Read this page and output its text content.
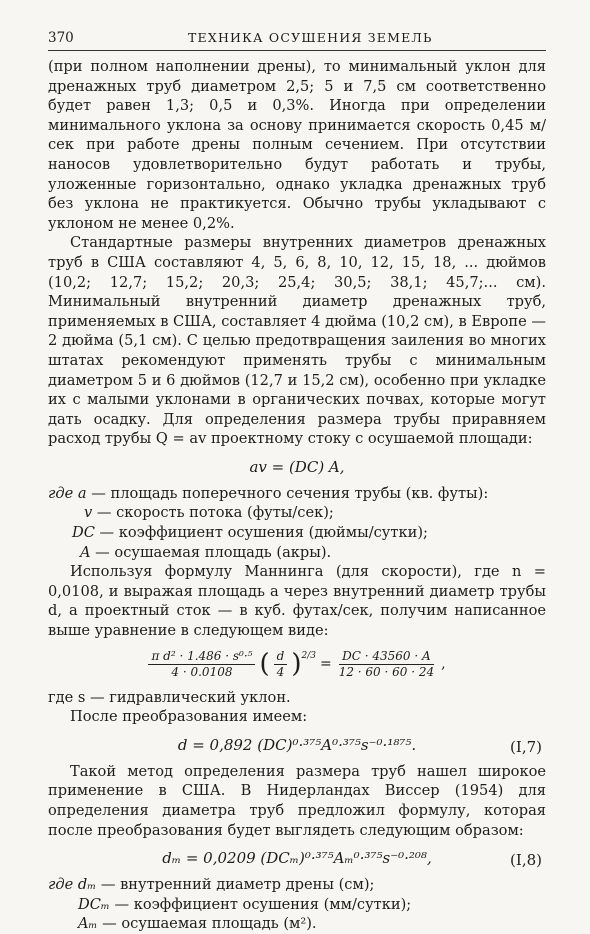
370	ТЕХНИКА ОСУШЕНИЯ ЗЕМЕЛЬ

(при полном наполнении дрены), то минимальный уклон для дренажных труб диаметром 2,5; 5 и 7,5 см соответственно будет равен 1,3; 0,5 и 0,3%. Иногда при определении минимального уклона за основу принимается скорость 0,45 м/сек при работе дрены полным сечением. При отсутствии наносов удовлетворительно будут работать и трубы, уложенные горизонтально, однако укладка дренажных труб без уклона не практикуется. Обычно трубы укладывают с уклоном не менее 0,2%.

Стандартные размеры внутренних диаметров дренажных труб в США составляют 4, 5, 6, 8, 10, 12, 15, 18, ... дюймов (10,2; 12,7; 15,2; 20,3; 25,4; 30,5; 38,1; 45,7;... см). Минимальный внутренний диаметр дренажных труб, применяемых в США, составляет 4 дюйма (10,2 см), в Европе — 2 дюйма (5,1 см). С целью предотвращения заиления во многих штатах рекомендуют применять трубы с минимальным диаметром 5 и 6 дюймов (12,7 и 15,2 см), особенно при укладке их с малыми уклонами в органических почвах, которые могут дать осадку. Для определения размера трубы приравняем расход трубы Q = av проектному стоку с осушаемой площади:

av = (DC) A,
где a — площадь поперечного сечения трубы (кв. футы):
v — скорость потока (футы/сек);
DC — коэффициент осушения (дюймы/сутки);
A — осушаемая площадь (акры).

Используя формулу Маннинга (для скорости), где n = 0,0108, и выражая площадь a через внутренний диаметр трубы d, а проектный сток — в куб. футах/сек, получим написанное выше уравнение в следующем виде:

$\frac{\text{π d² · 1.486 · s⁰·⁵}}{4 \cdot 0.0108}$ ( $\frac{d}{4} )^{2/3} = \frac{DC \cdot 43560 \cdot A}{12 \cdot 60 \cdot 60 \cdot 24}$ ,

где s — гидравлический уклон.

После преобразования имеем:

d = 0,892 (DC)⁰·³⁷⁵A⁰·³⁷⁵s⁻⁰·¹⁸⁷⁵.	(I,7)

Такой метод определения размера труб нашел широкое применение в США. В Нидерландах Виссер (1954) для определения диаметра труб предложил формулу, которая после преобразования будет выглядеть следующим образом:

dₘ = 0,0209 (DCₘ)⁰·³⁷⁵Aₘ⁰·³⁷⁵s⁻⁰·²⁰⁸,	(I,8)
где dₘ — внутренний диаметр дрены (см);
DCₘ — коэффициент осушения (мм/сутки);
Aₘ — осушаемая площадь (м²).
